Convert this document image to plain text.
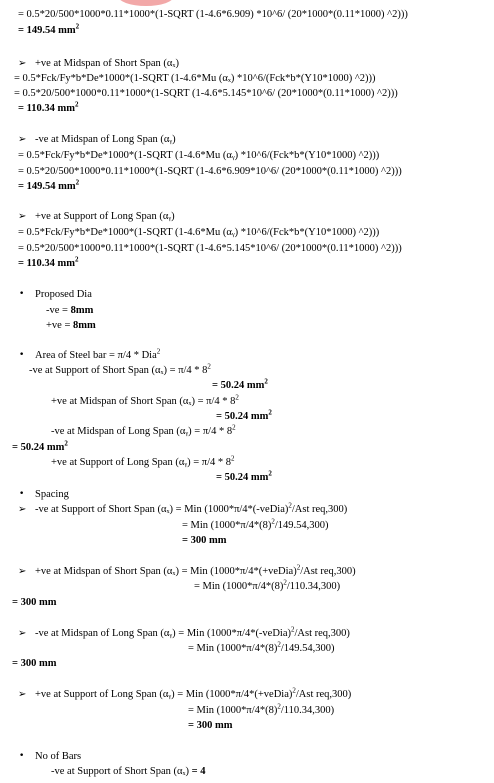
= 0.5*20/500*1000*0.11*1000*(1-SQRT (1-4.6*6.909) *10^6/ (20*1000*(0.11*1000) ^2)))
= 149.54 $mm^2$
➢ +ve at Midspan of Short Span (αₓ)
= 0.5*Fck/Fy*b*De*1000*(1-SQRT (1-4.6*Mu (αₓ) *10^6/(Fck*b*(Y10*1000) ^2)))
= 0.5*20/500*1000*0.11*1000*(1-SQRT (1-4.6*5.145*10^6/ (20*1000*(0.11*1000) ^2)))
= 110.34 $mm^2$
➢ -ve at Midspan of Long Span (αᵧ)
= 0.5*Fck/Fy*b*De*1000*(1-SQRT (1-4.6*Mu (αᵧ) *10^6/(Fck*b*(Y10*1000) ^2)))
= 0.5*20/500*1000*0.11*1000*(1-SQRT (1-4.6*6.909*10^6/ (20*1000*(0.11*1000) ^2)))
= 149.54 $mm^2$
➢ +ve at Support of Long Span (αᵧ)
= 0.5*Fck/Fy*b*De*1000*(1-SQRT (1-4.6*Mu (αᵧ) *10^6/(Fck*b*(Y10*1000) ^2)))
= 0.5*20/500*1000*0.11*1000*(1-SQRT (1-4.6*5.145*10^6/ (20*1000*(0.11*1000) ^2)))
= 110.34 $mm^2$
• Proposed Dia
-ve = 8mm
+ve = 8mm
• Area of Steel bar = π/4 * Dia$^2$
-ve at Support of Short Span $(\alpha_x) = \pi/4 * 8^2$
= 50.24 $mm^2$
+ve at Midspan of Short Span $(\alpha_x) = \pi/4 * 8^2$
= 50.24 $mm^2$
-ve at Midspan of Long Span (αᵧ) = $\pi/4 * 8^2$
= 50.24 $mm^2$
+ve at Support of Long Span (αᵧ) = $\pi/4 * 8^2$
= 50.24 $mm^2$
• Spacing
➢ -ve at Support of Short Span (αₓ) = Min (1000*π/4*(-veDia)$^2$/Ast req,300)
= Min $(1000*\pi/4*(8)^2/149.54,300)$
= 300 mm
➢ +ve at Midspan of Short Span (αₓ) = Min (1000*π/4*(+veDia)$^2$/Ast req,300)
= Min $(1000*\pi/4*(8)^2/110.34,300)$
= 300 mm
➢ -ve at Midspan of Long Span (αᵧ) = Min (1000*π/4*(-veDia)$^2$/Ast req,300)
= Min $(1000*\pi/4*(8)^2/149.54,300)$
= 300 mm
➢ +ve at Support of Long Span (αᵧ) = Min (1000*π/4*(+veDia)$^2$/Ast req,300)
= Min $(1000*\pi/4*(8)^2/110.34,300)$
= 300 mm
• No of Bars
-ve at Support of Short Span (αₓ) = 4
